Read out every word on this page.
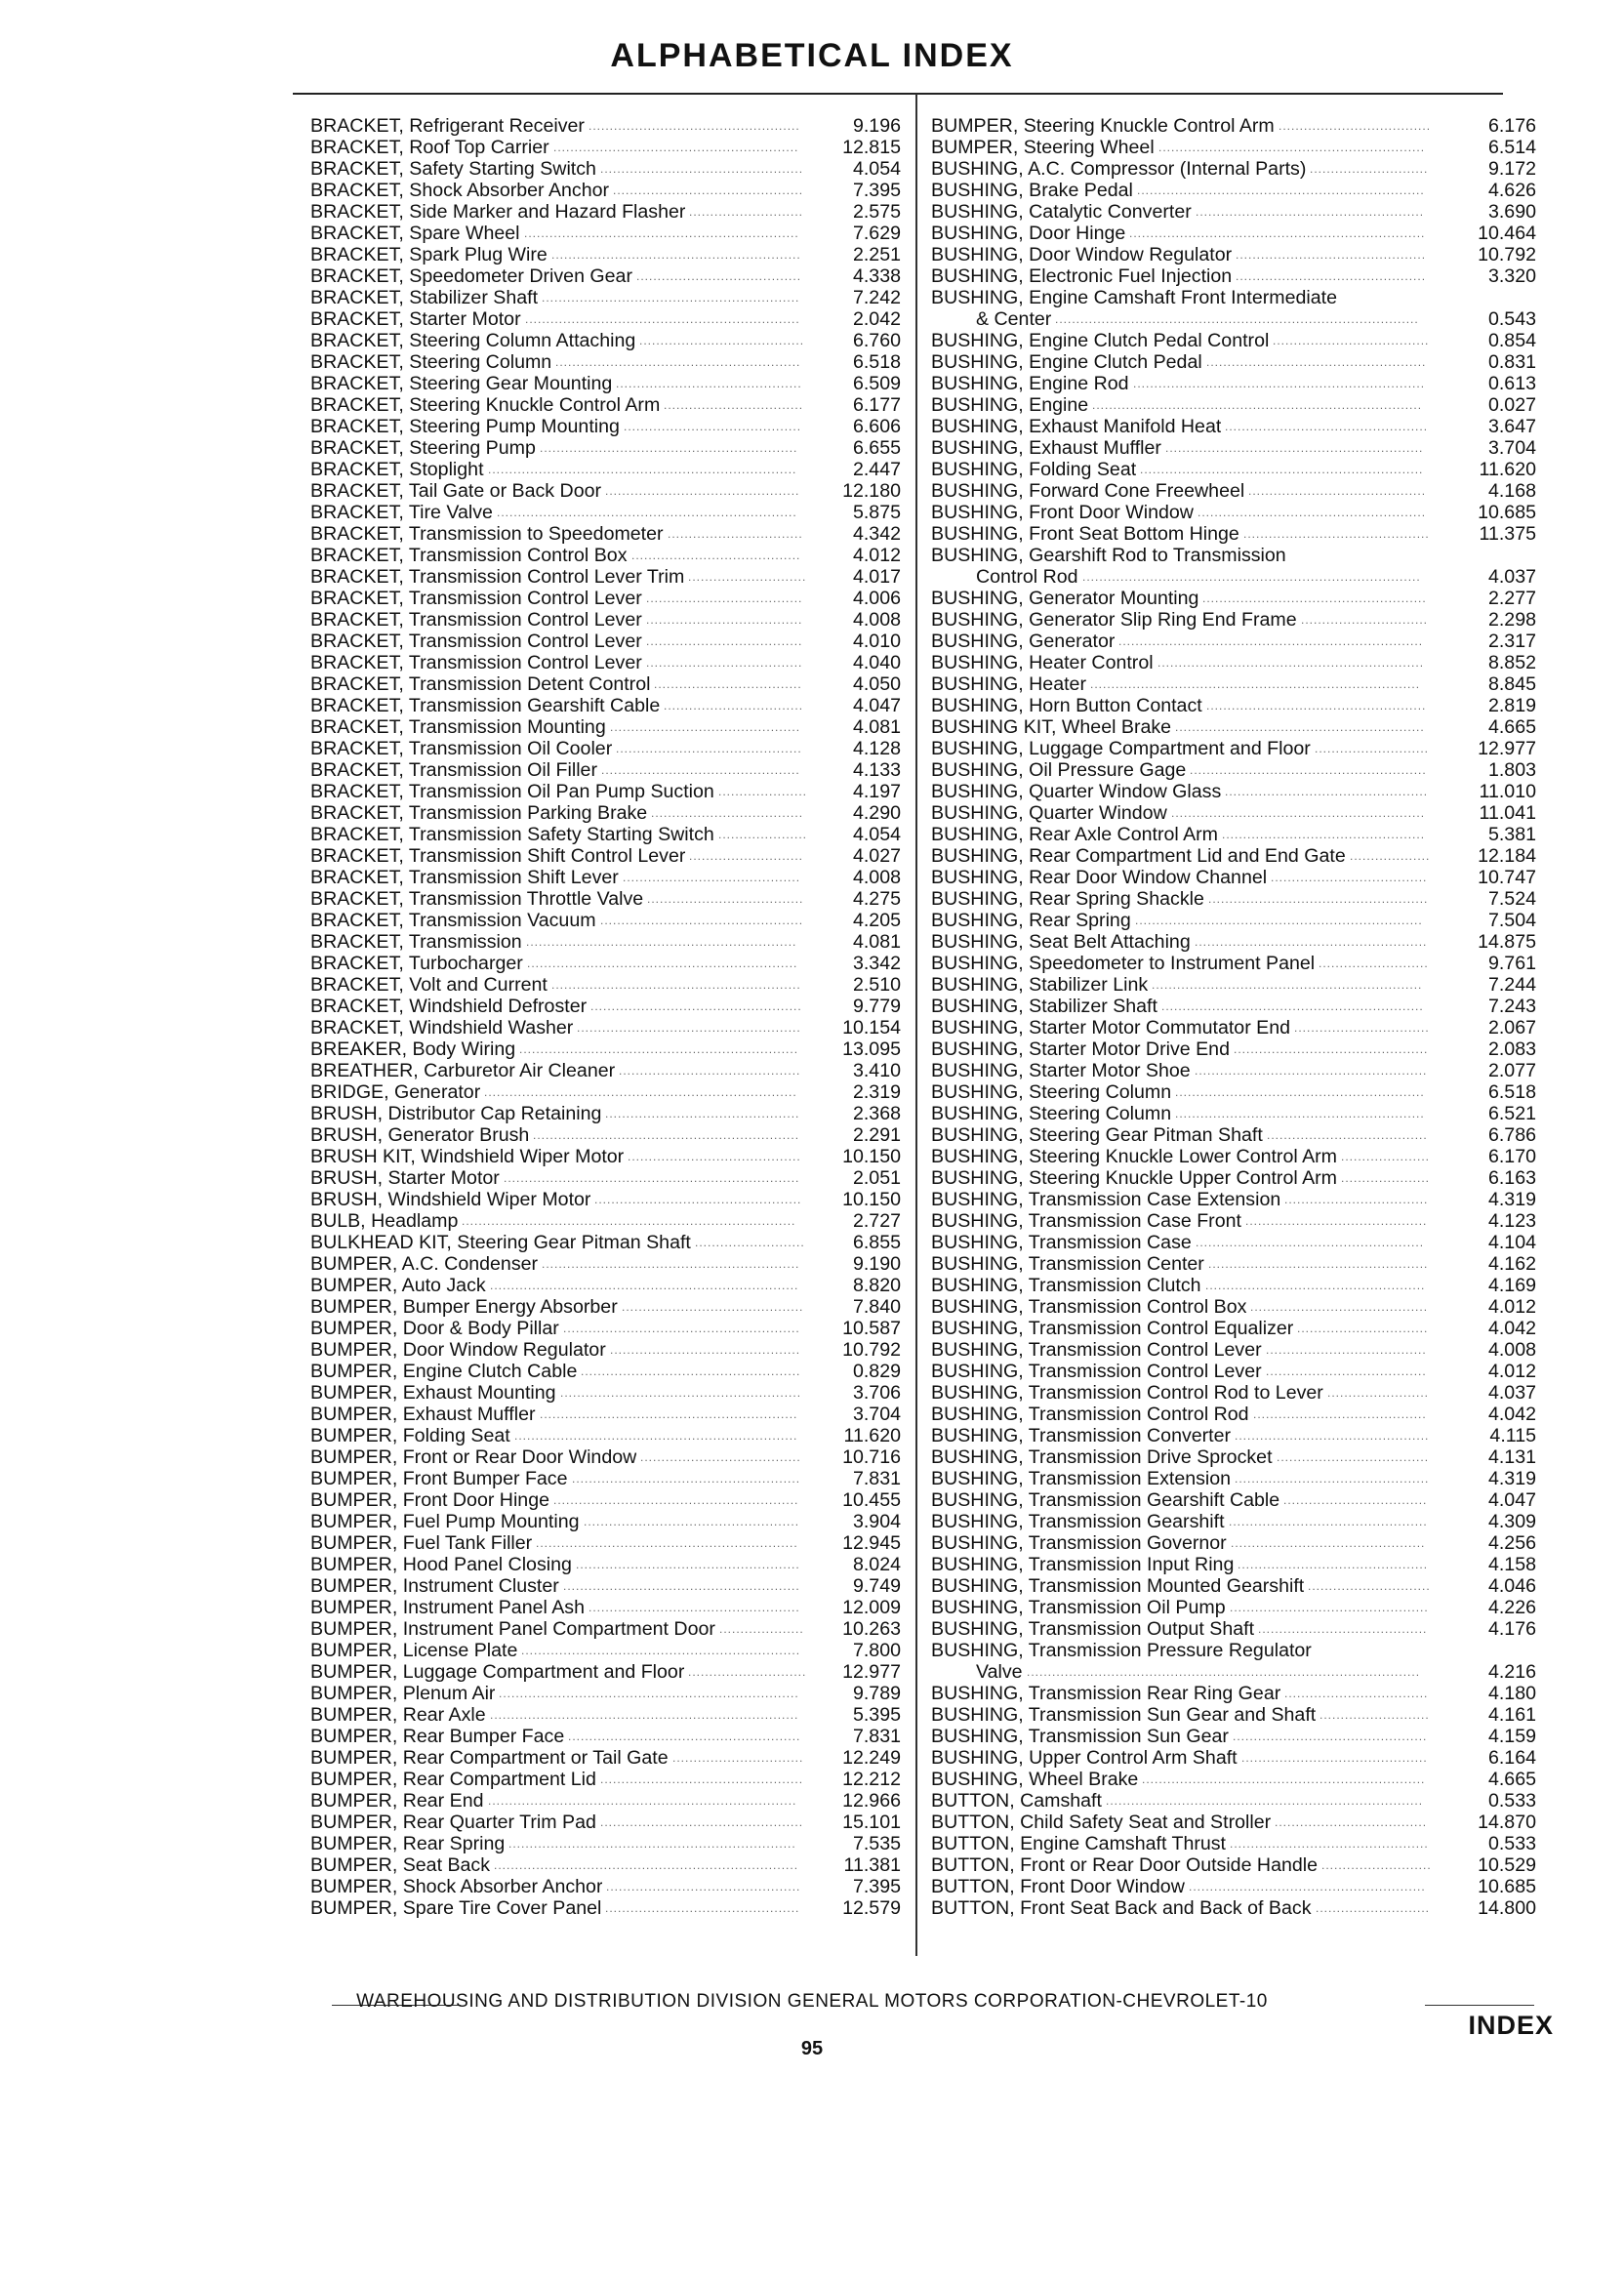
ALPHABETICAL INDEX
BRACKET, Refrigerant Receiver ..................................................	9.196
BRACKET, Roof Top Carrier ..........................................................	12.815
BRACKET, Safety Starting Switch ................................................	4.054
BRACKET, Shock Absorber Anchor .............................................	7.395
BRACKET, Side Marker and Hazard Flasher ...........................	2.575
BRACKET, Spare Wheel .................................................................	7.629
BRACKET, Spark Plug Wire ...........................................................	2.251
BRACKET, Speedometer Driven Gear .......................................	4.338
BRACKET, Stabilizer Shaft .............................................................	7.242
BRACKET, Starter Motor .................................................................	2.042
BRACKET, Steering Column Attaching .......................................	6.760
BRACKET, Steering Column ..........................................................	6.518
BRACKET, Steering Gear Mounting ............................................	6.509
BRACKET, Steering Knuckle Control Arm .................................	6.177
BRACKET, Steering Pump Mounting ..........................................	6.606
BRACKET, Steering Pump .............................................................	6.655
BRACKET, Stoplight .........................................................................	2.447
BRACKET, Tail Gate or Back Door ..............................................	12.180
BRACKET, Tire Valve .......................................................................	5.875
BRACKET, Transmission to Speedometer ................................	4.342
BRACKET, Transmission Control Box ........................................	4.012
BRACKET, Transmission Control Lever Trim ............................	4.017
BRACKET, Transmission Control Lever .....................................	4.006
BRACKET, Transmission Control Lever .....................................	4.008
BRACKET, Transmission Control Lever .....................................	4.010
BRACKET, Transmission Control Lever .....................................	4.040
BRACKET, Transmission Detent Control ...................................	4.050
BRACKET, Transmission Gearshift Cable .................................	4.047
BRACKET, Transmission Mounting .............................................	4.081
BRACKET, Transmission Oil Cooler ............................................	4.128
BRACKET, Transmission Oil Filler ...............................................	4.133
BRACKET, Transmission Oil Pan Pump Suction .....................	4.197
BRACKET, Transmission Parking Brake ....................................	4.290
BRACKET, Transmission Safety Starting Switch .....................	4.054
BRACKET, Transmission Shift Control Lever ...........................	4.027
BRACKET, Transmission Shift Lever ..........................................	4.008
BRACKET, Transmission Throttle Valve .....................................	4.275
BRACKET, Transmission Vacuum ................................................	4.205
BRACKET, Transmission ................................................................	4.081
BRACKET, Turbocharger ................................................................	3.342
BRACKET, Volt and Current ...........................................................	2.510
BRACKET, Windshield Defroster ..................................................	9.779
BRACKET, Windshield Washer .....................................................	10.154
BREAKER, Body Wiring ..................................................................	13.095
BREATHER, Carburetor Air Cleaner ...........................................	3.410
BRIDGE, Generator ..........................................................................	2.319
BRUSH, Distributor Cap Retaining ..............................................	2.368
BRUSH, Generator Brush ...............................................................	2.291
BRUSH KIT, Windshield Wiper Motor .........................................	10.150
BRUSH, Starter Motor ......................................................................	2.051
BRUSH, Windshield Wiper Motor .................................................	10.150
BULB, Headlamp ...............................................................................	2.727
BULKHEAD KIT, Steering Gear Pitman Shaft ..........................	6.855
BUMPER, A.C. Condenser .............................................................	9.190
BUMPER, Auto Jack .........................................................................	8.820
BUMPER, Bumper Energy Absorber ...........................................	7.840
BUMPER, Door & Body Pillar ........................................................	10.587
BUMPER, Door Window Regulator .............................................	10.792
BUMPER, Engine Clutch Cable ....................................................	0.829
BUMPER, Exhaust Mounting .........................................................	3.706
BUMPER, Exhaust Muffler .............................................................	3.704
BUMPER, Folding Seat ...................................................................	11.620
BUMPER, Front or Rear Door Window ......................................	10.716
BUMPER, Front Bumper Face ......................................................	7.831
BUMPER, Front Door Hinge ..........................................................	10.455
BUMPER, Fuel Pump Mounting ...................................................	3.904
BUMPER, Fuel Tank Filler ..............................................................	12.945
BUMPER, Hood Panel Closing .....................................................	8.024
BUMPER, Instrument Cluster ........................................................	9.749
BUMPER, Instrument Panel Ash ..................................................	12.009
BUMPER, Instrument Panel Compartment Door ....................	10.263
BUMPER, License Plate ..................................................................	7.800
BUMPER, Luggage Compartment and Floor ............................	12.977
BUMPER, Plenum Air .......................................................................	9.789
BUMPER, Rear Axle .........................................................................	5.395
BUMPER, Rear Bumper Face .......................................................	7.831
BUMPER, Rear Compartment or Tail Gate ...............................	12.249
BUMPER, Rear Compartment Lid ................................................	12.212
BUMPER, Rear End .........................................................................	12.966
BUMPER, Rear Quarter Trim Pad ................................................	15.101
BUMPER, Rear Spring ....................................................................	7.535
BUMPER, Seat Back ........................................................................	11.381
BUMPER, Shock Absorber Anchor ..............................................	7.395
BUMPER, Spare Tire Cover Panel ..............................................	12.579
BUMPER, Steering Knuckle Control Arm ....................................	6.176
BUMPER, Steering Wheel ...............................................................	6.514
BUSHING, A.C. Compressor (Internal Parts) ............................	9.172
BUSHING, Brake Pedal ....................................................................	4.626
BUSHING, Catalytic Converter ......................................................	3.690
BUSHING, Door Hinge ......................................................................	10.464
BUSHING, Door Window Regulator .............................................	10.792
BUSHING, Electronic Fuel Injection .............................................	3.320
BUSHING, Engine Camshaft Front Intermediate
& Center ......................................................................................	0.543
BUSHING, Engine Clutch Pedal Control .....................................	0.854
BUSHING, Engine Clutch Pedal ....................................................	0.831
BUSHING, Engine Rod .....................................................................	0.613
BUSHING, Engine ..............................................................................	0.027
BUSHING, Exhaust Manifold Heat ................................................	3.647
BUSHING, Exhaust Muffler .............................................................	3.704
BUSHING, Folding Seat ...................................................................	11.620
BUSHING, Forward Cone Freewheel ..........................................	4.168
BUSHING, Front Door Window ......................................................	10.685
BUSHING, Front Seat Bottom Hinge ............................................	11.375
BUSHING, Gearshift Rod to Transmission
Control Rod ................................................................................	4.037
BUSHING, Generator Mounting .....................................................	2.277
BUSHING, Generator Slip Ring End Frame ..............................	2.298
BUSHING, Generator ........................................................................	2.317
BUSHING, Heater Control ...............................................................	8.852
BUSHING, Heater ..............................................................................	8.845
BUSHING, Horn Button Contact ....................................................	2.819
BUSHING KIT, Wheel Brake ...........................................................	4.665
BUSHING, Luggage Compartment and Floor ...........................	12.977
BUSHING, Oil Pressure Gage ........................................................	1.803
BUSHING, Quarter Window Glass ................................................	11.010
BUSHING, Quarter Window ............................................................	11.041
BUSHING, Rear Axle Control Arm ................................................	5.381
BUSHING, Rear Compartment Lid and End Gate ...................	12.184
BUSHING, Rear Door Window Channel .....................................	10.747
BUSHING, Rear Spring Shackle ....................................................	7.524
BUSHING, Rear Spring ....................................................................	7.504
BUSHING, Seat Belt Attaching .......................................................	14.875
BUSHING, Speedometer to Instrument Panel ..........................	9.761
BUSHING, Stabilizer Link ................................................................	7.244
BUSHING, Stabilizer Shaft ..............................................................	7.243
BUSHING, Starter Motor Commutator End ................................	2.067
BUSHING, Starter Motor Drive End ..............................................	2.083
BUSHING, Starter Motor Shoe .......................................................	2.077
BUSHING, Steering Column ...........................................................	6.518
BUSHING, Steering Column ...........................................................	6.521
BUSHING, Steering Gear Pitman Shaft ......................................	6.786
BUSHING, Steering Knuckle Lower Control Arm .....................	6.170
BUSHING, Steering Knuckle Upper Control Arm .....................	6.163
BUSHING, Transmission Case Extension ..................................	4.319
BUSHING, Transmission Case Front ...........................................	4.123
BUSHING, Transmission Case ......................................................	4.104
BUSHING, Transmission Center ....................................................	4.162
BUSHING, Transmission Clutch ....................................................	4.169
BUSHING, Transmission Control Box ..........................................	4.012
BUSHING, Transmission Control Equalizer ...............................	4.042
BUSHING, Transmission Control Lever ......................................	4.008
BUSHING, Transmission Control Lever ......................................	4.012
BUSHING, Transmission Control Rod to Lever ........................	4.037
BUSHING, Transmission Control Rod .........................................	4.042
BUSHING, Transmission Converter ..............................................	4.115
BUSHING, Transmission Drive Sprocket ....................................	4.131
BUSHING, Transmission Extension ..............................................	4.319
BUSHING, Transmission Gearshift Cable ..................................	4.047
BUSHING, Transmission Gearshift ...............................................	4.309
BUSHING, Transmission Governor ..............................................	4.256
BUSHING, Transmission Input Ring .............................................	4.158
BUSHING, Transmission Mounted Gearshift .............................	4.046
BUSHING, Transmission Oil Pump ...............................................	4.226
BUSHING, Transmission Output Shaft ........................................	4.176
BUSHING, Transmission Pressure Regulator
Valve .............................................................................................	4.216
BUSHING, Transmission Rear Ring Gear ..................................	4.180
BUSHING, Transmission Sun Gear and Shaft ..........................	4.161
BUSHING, Transmission Sun Gear ..............................................	4.159
BUSHING, Upper Control Arm Shaft ............................................	6.164
BUSHING, Wheel Brake ...................................................................	4.665
BUTTON, Camshaft ...........................................................................	0.533
BUTTON, Child Safety Seat and Stroller ....................................	14.870
BUTTON, Engine Camshaft Thrust ...............................................	0.533
BUTTON, Front or Rear Door Outside Handle ..........................	10.529
BUTTON, Front Door Window ........................................................	10.685
BUTTON, Front Seat Back and Back of Back ...........................	14.800
WAREHOUSING AND DISTRIBUTION DIVISION GENERAL MOTORS CORPORATION-CHEVROLET-10
95
INDEX
